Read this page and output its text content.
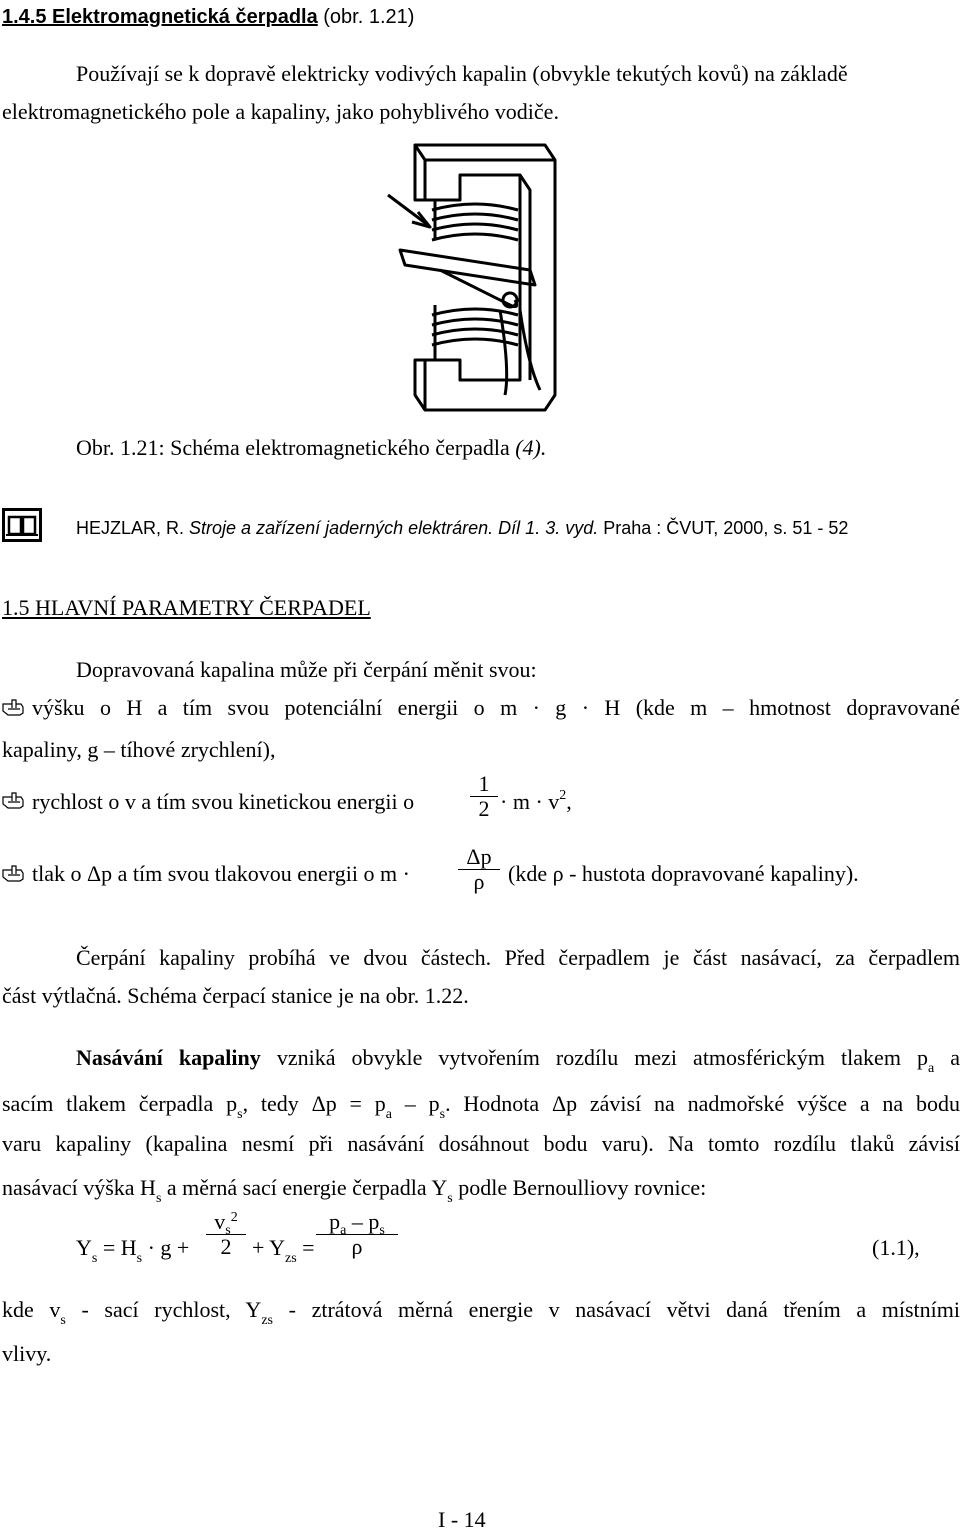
1.4.5 Elektromagnetická čerpadla (obr. 1.21)
Používají se k dopravě elektricky vodivých kapalin (obvykle tekutých kovů) na základě
elektromagnetického pole a kapaliny, jako pohyblivého vodiče.
Obr. 1.21: Schéma elektromagnetického čerpadla (4).
HEJZLAR, R. Stroje a zařízení jaderných elektráren. Díl 1. 3. vyd. Praha : ČVUT, 2000, s. 51 - 52
1.5 HLAVNÍ PARAMETRY ČERPADEL
Dopravovaná kapalina může při čerpání měnit svou:
výšku o H a tím svou potenciální energii o m · g · H (kde m – hmotnost dopravované
kapaliny, g – tíhové zrychlení),
rychlost o v a tím svou kinetickou energii o
1
$2 \cdot m \cdot v^2$,
tlak o Δp a tím svou tlakovou energii o m ·
Δp
ρ	(kde ρ - hustota dopravované kapaliny).
Čerpání kapaliny probíhá ve dvou částech. Před čerpadlem je část nasávací, za čerpadlem
část výtlačná. Schéma čerpací stanice je na obr. 1.22.
Nasávání kapaliny vzniká obvykle vytvořením rozdílu mezi atmosférickým tlakem $p_a$ a
sacím tlakem čerpadla $p_s$, tedy $\Delta p = p_a - p_s$. Hodnota Δp závisí na nadmořské výšce a na bodu
varu kapaliny (kapalina nesmí při nasávání dosáhnout bodu varu). Na tomto rozdílu tlaků závisí
nasávací výška $H_s$ a měrná sací energie čerpadla $Y_s$ podle Bernoulliovy rovnice:
$Y_s = H_s \cdot g$ +
$v_s^2$
$2 + Y_{zs}$ =
$p_a - p_s$
ρ	(1.1),
kde $v_s$ - sací rychlost, $Y_{zs}$ - ztrátová měrná energie v nasávací větvi daná třením a místními
vlivy.
I - 14
